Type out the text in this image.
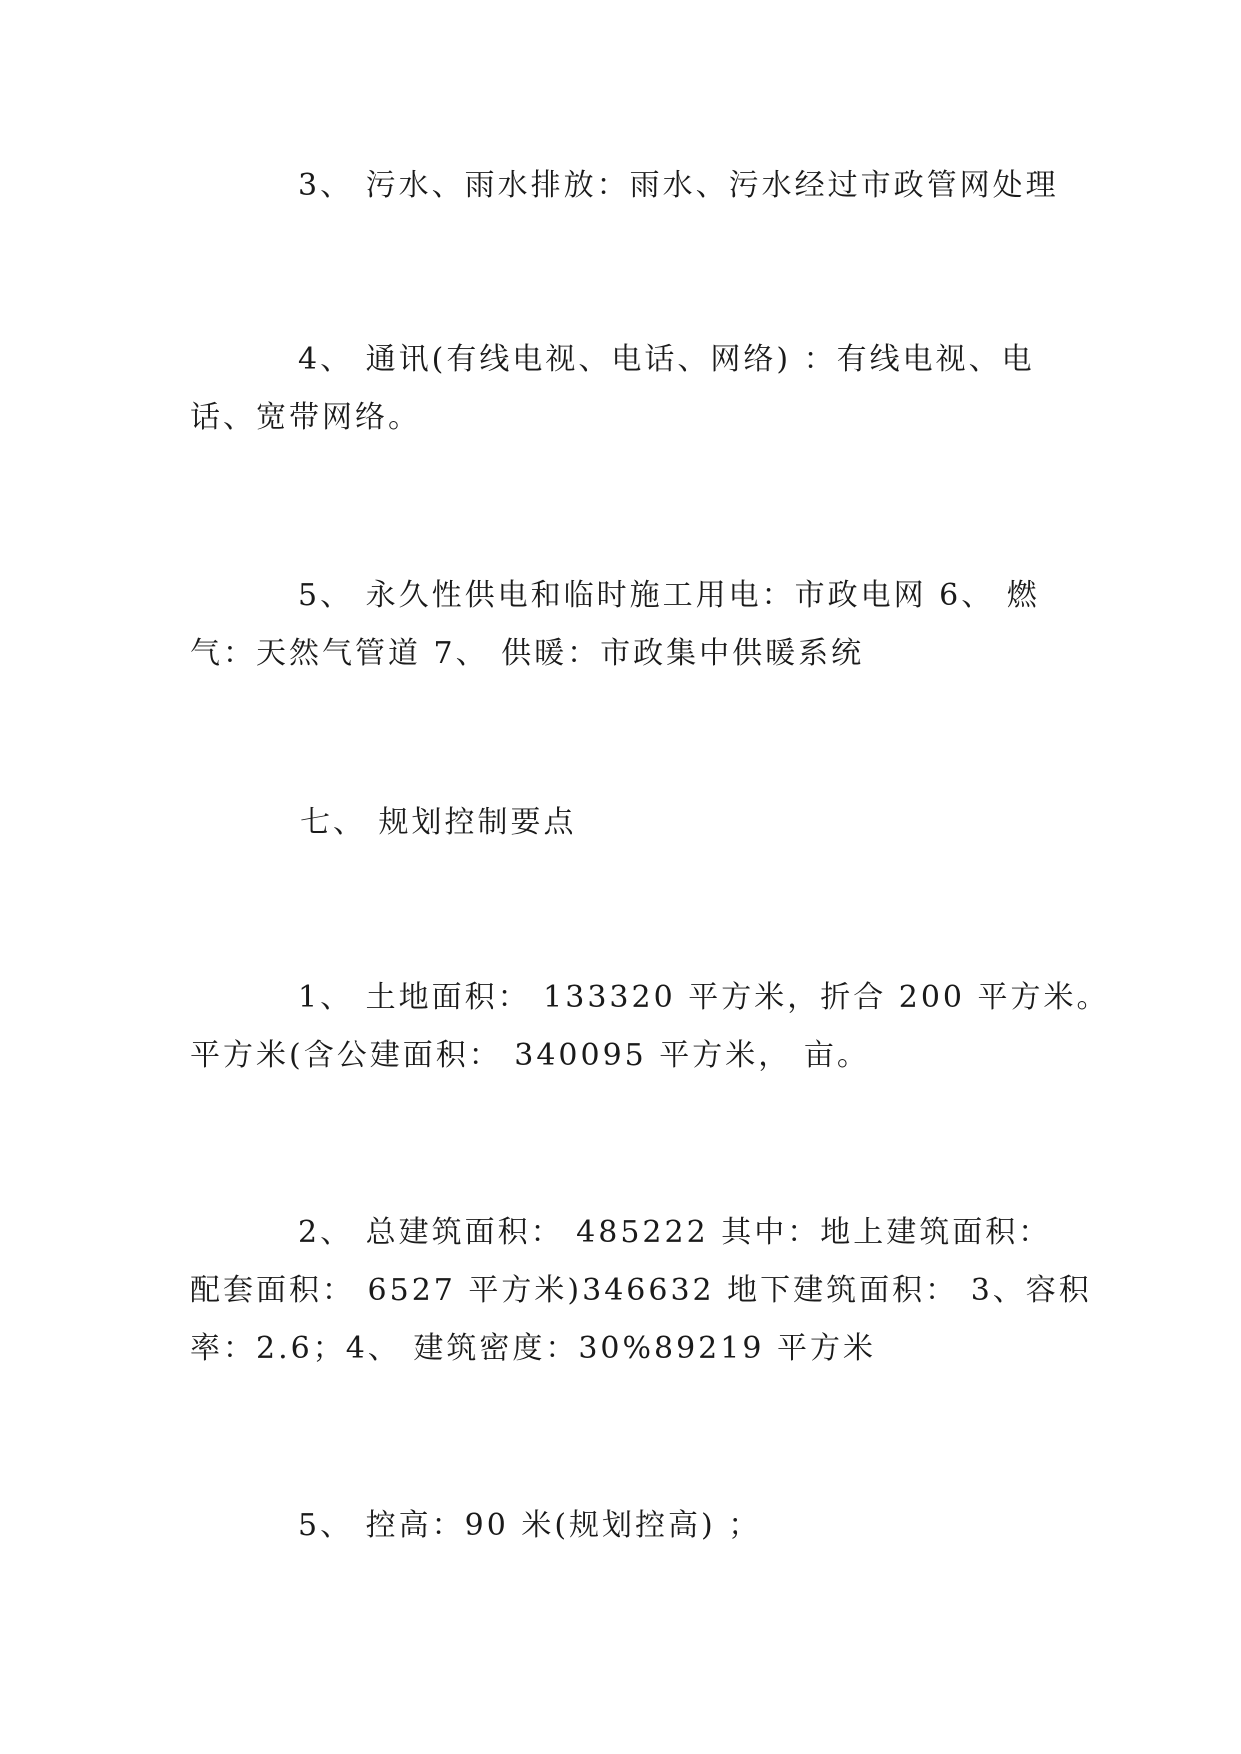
3、 污水、雨水排放：雨水、污水经过市政管网处理

4、 通讯(有线电视、电话、网络) ：有线电视、电
话、宽带网络。

5、 永久性供电和临时施工用电：市政电网 6、 燃
气：天然气管道 7、 供暖：市政集中供暖系统

七、 规划控制要点

1、 土地面积： 133320 平方米，折合 200 平方米。
平方米(含公建面积： 340095 平方米， 亩。

2、 总建筑面积： 485222 其中：地上建筑面积：
配套面积： 6527 平方米)346632 地下建筑面积： 3、容积
率：2.6；4、 建筑密度：30%89219 平方米

5、 控高：90 米(规划控高) ；
